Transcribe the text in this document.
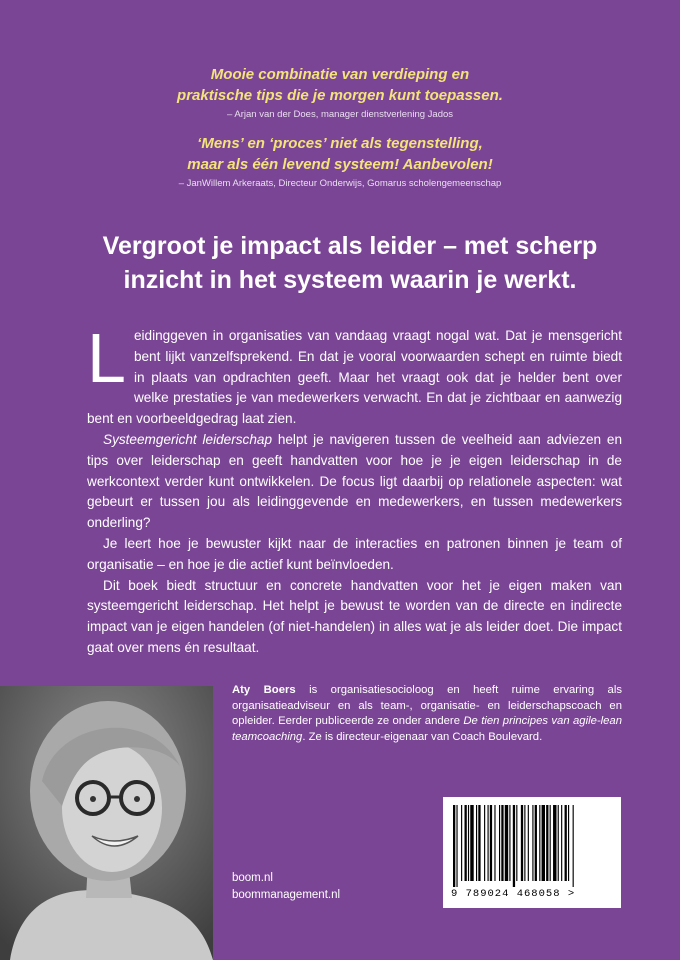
Mooie combinatie van verdieping en

praktische tips die je morgen kunt toepassen.

– Arjan van der Does, manager dienstverlening Jados

‘Mens’ en ‘proces’ niet als tegenstelling,

maar als één levend systeem! Aanbevolen!

– JanWillem Arkeraats, Directeur Onderwijs, Gomarus scholengemeenschap

Vergroot je impact als leider – met scherp
inzicht in het systeem waarin je werkt.

Leidinggeven in organisaties van vandaag vraagt nogal wat. Dat je mensgericht bent lijkt vanzelfsprekend. En dat je vooral voorwaarden schept en ruimte biedt in plaats van opdrachten geeft. Maar het vraagt ook dat je helder bent over welke prestaties je van medewerkers verwacht. En dat je zichtbaar en aanwezig bent en voorbeeldgedrag laat zien.

Systeemgericht leiderschap helpt je navigeren tussen de veelheid aan adviezen en tips over leiderschap en geeft handvatten voor hoe je je eigen leiderschap in de werkcontext verder kunt ontwikkelen. De focus ligt daarbij op relationele aspecten: wat gebeurt er tussen jou als leidinggevende en medewerkers, en tussen medewerkers onderling?

Je leert hoe je bewuster kijkt naar de interacties en patronen binnen je team of organisatie – en hoe je die actief kunt beïnvloeden.

Dit boek biedt structuur en concrete handvatten voor het je eigen maken van systeemgericht leiderschap. Het helpt je bewust te worden van de directe en indirecte impact van je eigen handelen (of niet-handelen) in alles wat je als leider doet. Die impact gaat over mens én resultaat.

Aty Boers is organisatiesocioloog en heeft ruime ervaring als organisatieadviseur en als team-, organisatie- en leiderschapscoach en opleider. Eerder publiceerde ze onder andere De tien principes van agile-lean teamcoaching. Ze is directeur-eigenaar van Coach Boulevard.

boom.nl
boommanagement.nl	9 789024 468058 >
